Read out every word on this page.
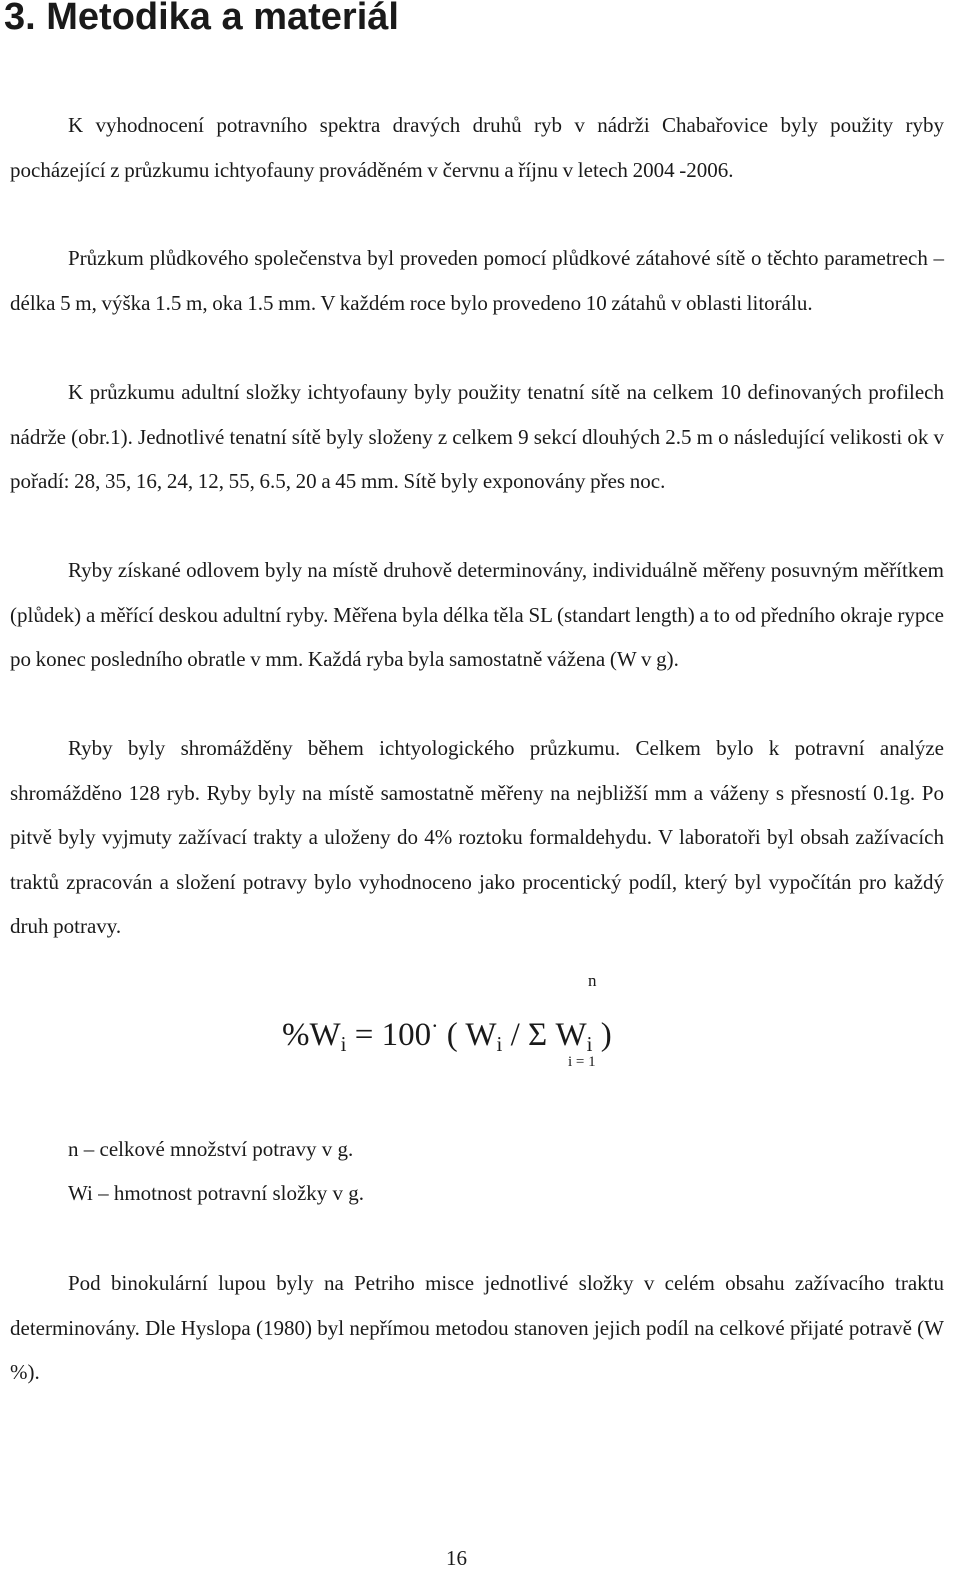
3. Metodika a materiál

K vyhodnocení potravního spektra dravých druhů ryb v nádrži Chabařovice byly použity ryby pocházející z průzkumu ichtyofauny prováděném v červnu a říjnu v letech 2004 -2006.

Průzkum plůdkového společenstva byl proveden pomocí plůdkové zátahové sítě o těchto parametrech – délka 5 m, výška 1.5 m, oka 1.5 mm. V každém roce bylo provedeno 10 zátahů v oblasti litorálu.

K průzkumu adultní složky ichtyofauny byly použity tenatní sítě na celkem 10 definovaných profilech nádrže (obr.1). Jednotlivé tenatní sítě byly složeny z celkem 9 sekcí dlouhých 2.5 m o následující velikosti ok v pořadí: 28, 35, 16, 24, 12, 55, 6.5, 20 a 45 mm. Sítě byly exponovány přes noc.

Ryby získané odlovem byly na místě druhově determinovány, individuálně měřeny posuvným měřítkem (plůdek) a měřící deskou adultní ryby. Měřena byla délka těla SL (standart length) a to od předního okraje rypce po konec posledního obratle v mm. Každá ryba byla samostatně vážena (W v g).

Ryby byly shromážděny během ichtyologického průzkumu. Celkem bylo k potravní analýze shromážděno 128 ryb. Ryby byly na místě samostatně měřeny na nejbližší mm a váženy s přesností 0.1g. Po pitvě byly vyjmuty zažívací trakty a uloženy do 4% roztoku formaldehydu. V laboratoři byl obsah zažívacích traktů zpracován a složení potravy bylo vyhodnoceno jako procentický podíl, který byl vypočítán pro každý druh potravy.

n
$\%W_i = 100^\cdot$ ( $W_i$ / Σ $W_i$ )
i = 1

n – celkové množství potravy v g.

Wi – hmotnost potravní složky v g.

Pod binokulární lupou byly na Petriho misce jednotlivé složky v celém obsahu zažívacího traktu determinovány. Dle Hyslopa (1980) byl nepřímou metodou stanoven jejich podíl na celkové přijaté potravě (W %).

16
